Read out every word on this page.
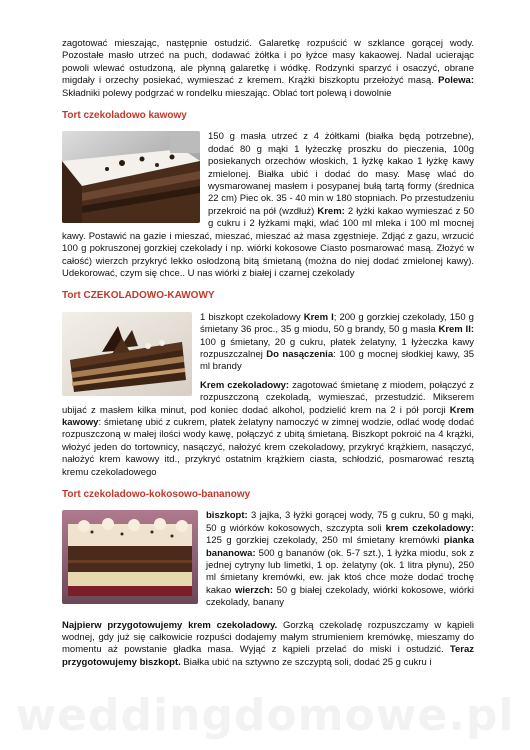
zagotować mieszając, następnie ostudzić. Galaretkę rozpuścić w szklance gorącej wody. Pozostałe masło utrzeć na puch, dodawać żółtka i po łyżce masy kakaowej. Nadal ucierając powoli wlewać ostudzoną, ale płynną galaretkę i wódkę. Rodzynki sparzyć i osaczyć, obrane migdały i orzechy posiekać, wymieszać z kremem. Krążki biszkoptu przełożyć masą. Polewa: Składniki polewy podgrzać w rondelku mieszając. Oblać tort polewą i dowolnie

Tort czekoladowo kawowy

150 g masła utrzeć z 4 żółtkami (białka będą potrzebne), dodać 80 g mąki 1 łyżeczkę proszku do pieczenia, 100g posiekanych orzechów włoskich, 1 łyżkę kakao 1 łyżkę kawy zmielonej. Białka ubić i dodać do masy. Masę wlać do wysmarowanej masłem i posypanej bułą tartą formy (średnica 22 cm) Piec ok. 35 - 40 min w 180 stopniach. Po przestudzeniu przekroić na pół (wzdłuż) Krem: 2 łyżki kakao wymieszać z 50 g cukru i 2 łyżkami mąki, wlać 100 ml mleka i 100 ml mocnej kawy. Postawić na gazie i mieszać, mieszać, mieszać aż masa zgęstnieje. Zdjąć z gazu, wrzucić 100 g pokruszonej gorzkiej czekolady i np. wiórki kokosowe Ciasto posmarować masą. Złożyć w całość) wierzch przykryć lekko osłodzoną bitą śmietaną (można do niej dodać zmielonej kawy). Udekorować, czym się chce.. U nas wiórki z białej i czarnej czekolady

Tort CZEKOLADOWO-KAWOWY

1 biszkopt czekoladowy Krem I; 200 g gorzkiej czekolady, 150 g śmietany 36 proc., 35 g miodu, 50 g brandy, 50 g masła Krem II: 100 g śmietany, 20 g cukru, płatek żelatyny, 1 łyżeczka kawy rozpuszczalnej Do nasączenia: 100 g mocnej słodkiej kawy, 35 ml brandy

Krem czekoladowy: zagotować śmietanę z miodem, połączyć z rozpuszczoną czekoladą, wymieszać, przestudzić. Mikserem ubijać z masłem kilka minut, pod koniec dodać alkohol, podzielić krem na 2 i pół porcji Krem kawowy: śmietanę ubić z cukrem, płatek żelatyny namoczyć w zimnej wodzie, odlać wodę dodać rozpuszczoną w małej ilości wody kawę, połączyć z ubitą śmietaną. Biszkopt pokroić na 4 krążki, włożyć jeden do tortownicy, nasączyć, nałożyć krem czekoladowy, przykryć krążkiem, nasączyć, nałożyć krem kawowy itd., przykryć ostatnim krążkiem ciasta, schłodzić, posmarować resztą kremu czekoladowego

Tort czekoladowo-kokosowo-bananowy

biszkopt: 3 jajka, 3 łyżki gorącej wody, 75 g cukru, 50 g mąki, 50 g wiórków kokosowych, szczypta soli krem czekoladowy: 125 g gorzkiej czekolady, 250 ml śmietany kremówki pianka bananowa: 500 g bananów (ok. 5-7 szt.), 1 łyżka miodu, sok z jednej cytryny lub limetki, 1 op. żelatyny (ok. 1 litra płynu), 250 ml śmietany kremówki, ew. jak ktoś chce może dodać trochę kakao wierzch: 50 g białej czekolady, wiórki kokosowe, wiórki czekolady, banany

Najpierw przygotowujemy krem czekoladowy. Gorzką czekoladę rozpuszczamy w kąpieli wodnej, gdy już się całkowicie rozpuści dodajemy małym strumieniem kremówkę, mieszamy do momentu aż powstanie gładka masa. Wyjąć z kąpieli przelać do miski i ostudzić. Teraz przygotowujemy biszkopt. Białka ubić na sztywno ze szczyptą soli, dodać 25 g cukru i

weddingdomowe.pl
